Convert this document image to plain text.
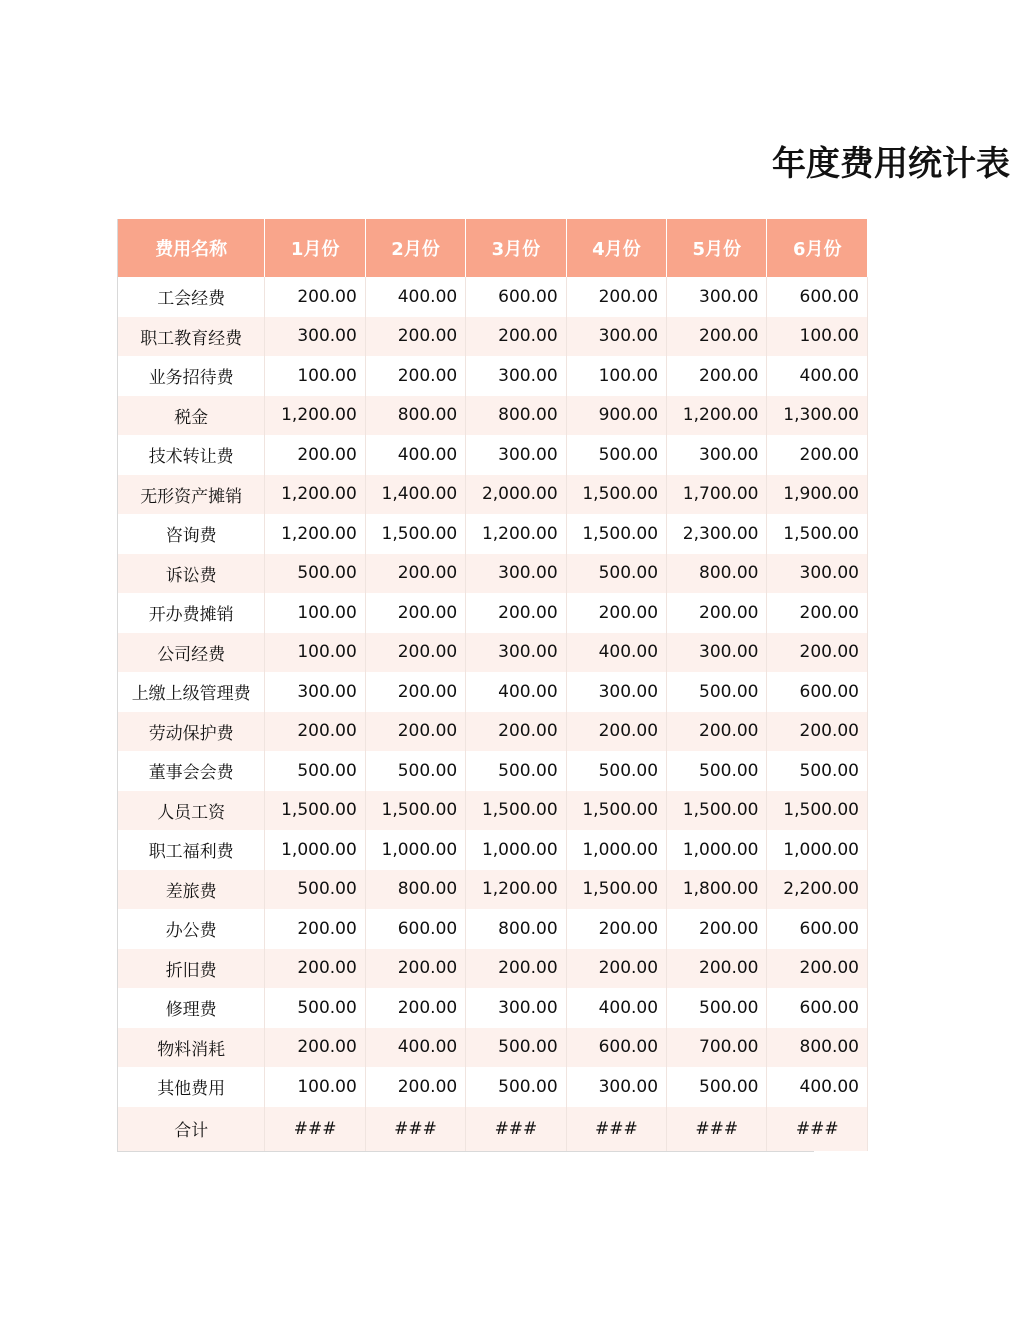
年度费用统计表
费用名称	1月份	2月份	3月份	4月份	5月份	6月份
工会经费	200.00	400.00	600.00	200.00	300.00	600.00
职工教育经费	300.00	200.00	200.00	300.00	200.00	100.00
业务招待费	100.00	200.00	300.00	100.00	200.00	400.00
税金	1,200.00	800.00	800.00	900.00	1,200.00	1,300.00
技术转让费	200.00	400.00	300.00	500.00	300.00	200.00
无形资产摊销	1,200.00	1,400.00	2,000.00	1,500.00	1,700.00	1,900.00
咨询费	1,200.00	1,500.00	1,200.00	1,500.00	2,300.00	1,500.00
诉讼费	500.00	200.00	300.00	500.00	800.00	300.00
开办费摊销	100.00	200.00	200.00	200.00	200.00	200.00
公司经费	100.00	200.00	300.00	400.00	300.00	200.00
上缴上级管理费	300.00	200.00	400.00	300.00	500.00	600.00
劳动保护费	200.00	200.00	200.00	200.00	200.00	200.00
董事会会费	500.00	500.00	500.00	500.00	500.00	500.00
人员工资	1,500.00	1,500.00	1,500.00	1,500.00	1,500.00	1,500.00
职工福利费	1,000.00	1,000.00	1,000.00	1,000.00	1,000.00	1,000.00
差旅费	500.00	800.00	1,200.00	1,500.00	1,800.00	2,200.00
办公费	200.00	600.00	800.00	200.00	200.00	600.00
折旧费	200.00	200.00	200.00	200.00	200.00	200.00
修理费	500.00	200.00	300.00	400.00	500.00	600.00
物料消耗	200.00	400.00	500.00	600.00	700.00	800.00
其他费用	100.00	200.00	500.00	300.00	500.00	400.00
合计	###	###	###	###	###	###
